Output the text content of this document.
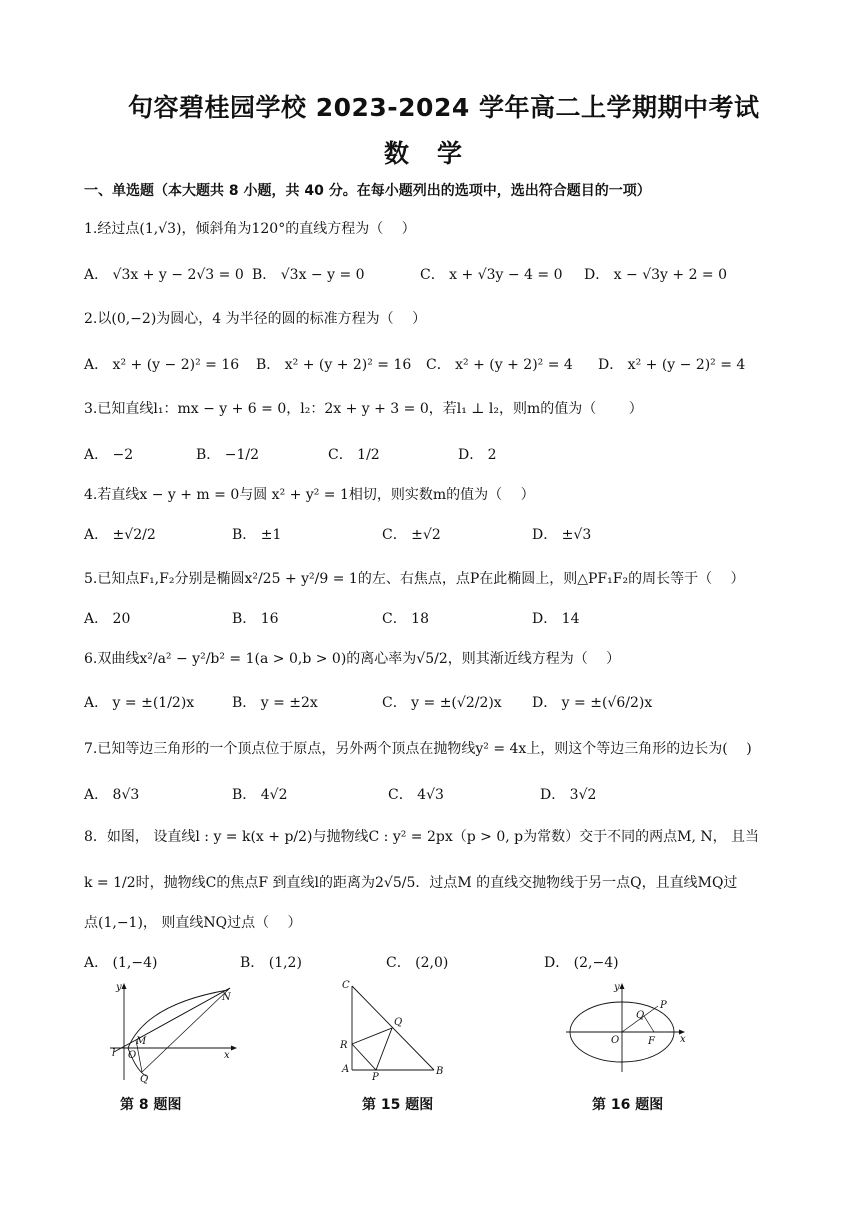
句容碧桂园学校 2023-2024 学年高二上学期期中考试
数学
一、单选题（本大题共 8 小题，共 40 分。在每小题列出的选项中，选出符合题目的一项）
1.经过点(1,√3)，倾斜角为120°的直线方程为（　 ）
A． √3x + y − 2√3 = 0 B． √3x − y = 0	C． x + √3y − 4 = 0 D． x − √3y + 2 = 0
2.以(0,−2)为圆心，4 为半径的圆的标准方程为（　 ）
A． x² + (y − 2)² = 16 B． x² + (y + 2)² = 16 C． x² + (y + 2)² = 4 D． x² + (y − 2)² = 4
3.已知直线l₁：mx − y + 6 = 0，l₂：2x + y + 3 = 0，若l₁ ⊥ l₂，则m的值为（　　 ）
A． −2	B． −1/2	C． 1/2	D． 2
4.若直线x − y + m = 0与圆 x² + y² = 1相切，则实数m的值为（　 ）
A． ±√2/2	B． ±1	C． ±√2	D． ±√3
5.已知点F₁,F₂分别是椭圆x²/25 + y²/9 = 1的左、右焦点，点P在此椭圆上，则△PF₁F₂的周长等于（　 ）
A． 20	B． 16	C． 18	D． 14
6.双曲线x²/a² − y²/b² = 1(a > 0,b > 0)的离心率为√5/2，则其渐近线方程为（　 ）
A． y = ±(1/2)x	B． y = ±2x	C． y = ±(√2/2)x D． y = ±(√6/2)x
7.已知等边三角形的一个顶点位于原点，另外两个顶点在抛物线y² = 4x上，则这个等边三角形的边长为(　 )
A． 8√3	B． 4√2	C． 4√3	D． 3√2
8．如图， 设直线l : y = k(x + p/2)与抛物线C : y² = 2px（p > 0, p为常数）交于不同的两点M, N， 且当
k = 1/2时，抛物线C的焦点F 到直线l的距离为2√5/5．过点M 的直线交抛物线于另一点Q，且直线MQ过
点(1,−1)， 则直线NQ过点（　 ）
A． (1,−4)	B． (1,2)	C． (2,0)	D． (2,−4)
y
x
O
M
N
Q
l
第 8 题图
C
Q
R
A
P
B
第 15 题图
y
x
O
P
Q
F
第 16 题图
